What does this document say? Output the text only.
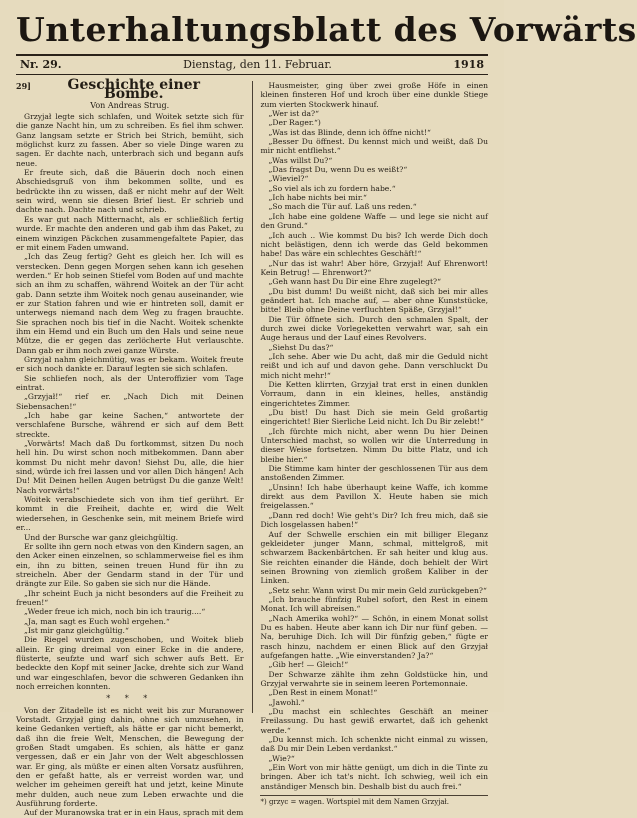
Unterhaltungsblatt des Vorwärts
Nr. 29.	Dienstag, den 11. Februar.	1918
29]	Geschichte einer Bombe.
Von Andreas Strug.

Grzyjał legte sich schlafen, und Woitek setzte sich für die ganze Nacht hin, um zu schreiben. Es fiel ihm schwer. Ganz langsam setzte er Strich bei Strich, bemüht, sich möglichst kurz zu fassen. Aber so viele Dinge waren zu sagen. Er dachte nach, unterbrach sich und begann aufs neue.

Er freute sich, daß die Bäuerin doch noch einen Abschiedsgruß von ihm bekommen sollte, und es bedrückte ihn zu wissen, daß er nicht mehr auf der Welt sein wird, wenn sie diesen Brief liest. Er schrieb und dachte nach. Dachte nach und schrieb.

Es war gut nach Mitternacht, als er schließlich fertig wurde. Er machte den anderen und gab ihm das Paket, zu einem winzigen Päckchen zusammengefaltete Papier, das er mit einem Faden umwand.

„Ich das Zeug fertig? Geht es gleich her. Ich will es verstecken. Denn gegen Morgen sehen kann ich gesehen werden.“ Er hob seinen Stiefel vom Boden auf und machte sich an ihm zu schaffen, während Woitek an der Tür acht gab. Dann setzte ihm Woitek noch genau auseinander, wie er zur Station fahren und wie er hintreten soll, damit er unterwegs niemand nach dem Weg zu fragen brauchte. Sie sprachen noch bis tief in die Nacht. Woitek schenkte ihm ein Hemd und ein Buch um den Hals und seine neue Mütze, die er gegen das zerlöcherte Hut verlauschte. Dann gab er ihm noch zwei ganze Würste.

Grzyjał nahm gleichmütig, was er bekam. Woitek freute er sich noch dankte er. Darauf legten sie sich schlafen.

Sie schliefen noch, als der Unteroffizier vom Tage eintrat.

„Grzyjał!“ rief er. „Nach Dich mit Deinen Siebensachen!“

„Ich habe gar keine Sachen,“ antwortete der verschlafene Bursche, während er sich auf dem Bett streckte.

„Vorwärts! Mach daß Du fortkommst, sitzen Du noch hell hin. Du wirst schon noch mitbekommen. Dann aber kommst Du nicht mehr davon! Siehst Du, alle, die hier sind, würde ich frei lassen und vor allen Dich hängen! Ach Du! Mit Deinen hellen Augen betrügst Du die ganze Welt! Nach vorwärts!“

Woitek verabschiedete sich von ihm tief gerührt. Er kommt in die Freiheit, dachte er, wird die Welt wiedersehen, in Geschenke sein, mit meinem Briefe wird er...

Und der Bursche war ganz gleichgültig.

Er sollte ihn gern noch etwas von den Kindern sagen, an den Acker einen einzelnen, so schlammerweise fiel es ihm ein, ihn zu bitten, seinen treuen Hund für ihn zu streicheln. Aber der Gendarm stand in der Tür und drängte zur Eile. So gaben sie sich nur die Hände.

„Ihr scheint Euch ja nicht besonders auf die Freiheit zu freuen!“

„Weder freue ich mich, noch bin ich traurig....“

„Ja, man sagt es Euch wohl ergehen.“

„Ist mir ganz gleichgültig.“

Die Riegel wurden zugeschoben, und Woitek blieb allein. Er ging dreimal von einer Ecke in die andere, flüsterte, seufzte und warf sich schwer aufs Bett. Er bedeckte den Kopf mit seiner Jacke, drehte sich zur Wand und war eingeschlafen, bevor die schweren Gedanken ihn noch erreichen konnten.

* * *

Von der Zitadelle ist es nicht weit bis zur Muranower Vorstadt. Grzyjał ging dahin, ohne sich umzusehen, in keine Gedanken vertieft, als hätte er gar nicht bemerkt, daß ihn die freie Welt, Menschen, die Bewegung der großen Stadt umgaben. Es schien, als hätte er ganz vergessen, daß er ein Jahr von der Welt abgeschlossen war. Er ging, als müßte er einen alten Vorsatz ausführen, den er gefaßt hatte, als er verreist worden war, und welcher im geheimen gereift hat und jetzt, keine Minute mehr dulden, auch neue zum Leben erwachte und die Ausführung forderte.

Auf der Muranowska trat er in ein Haus, sprach mit dem

Hausmeister, ging über zwei große Höfe in einen kleinen finsteren Hof und kroch über eine dunkle Stiege zum vierten Stockwerk hinauf.

„Wer ist da?“

„Der Rager.“)

„Was ist das Blinde, denn ich öffne nicht!“

„Besser Du öffnest. Du kennst mich und weißt, daß Du mir nicht entfliehst.“

„Was willst Du?“

„Das fragst Du, wenn Du es weißt?“

„Wieviel?“

„So viel als ich zu fordern habe.“

„Ich habe nichts bei mir.“

„So mach die Tür auf. Laß uns reden.“

„Ich habe eine goldene Waffe — und lege sie nicht auf den Grund.“

„Ich auch .. Wie kommst Du bis? Ich werde Dich doch nicht belästigen, denn ich werde das Geld bekommen habe! Das wäre ein schlechtes Geschäft!“

„Nur das ist wahr! Aber höre, Grzyjał! Auf Ehrenwort! Kein Betrug! — Ehrenwort?“

„Geh wann hast Du Dir eine Ehre zugelegt?“

„Du bist dumm! Du weißt nicht, daß sich bei mir alles geändert hat. Ich mache auf, — aber ohne Kunststücke, bitte! Bleib ohne Deine verfluchten Späße, Grzyjał!“

Die Tür öffnete sich. Durch den schmalen Spalt, der durch zwei dicke Vorlegeketten verwahrt war, sah ein Auge heraus und der Lauf eines Revolvers.

„Siehst Du das?“

„Ich sehe. Aber wie Du acht, daß mir die Geduld nicht reißt und ich auf und davon gehe. Dann verschluckt Du mich nicht mehr!“

Die Ketten klirrten, Grzyjał trat erst in einen dunklen Vorraum, dann in ein kleines, helles, anständig eingerichtetes Zimmer.

„Du bist! Du hast Dich sie mein Geld großartig eingerichtet! Bier Sierliche Leid nicht. Ich Du Bir zelebt!“

„Ich fürchte mich nicht, aber wenn Du hier Deinen Unterschied machst, so wollen wir die Unterredung in dieser Weise fortsetzen. Nimm Du bitte Platz, und ich bleibe hier.“

Die Stimme kam hinter der geschlossenen Tür aus dem anstoßenden Zimmer.

„Unsinn! Ich habe überhaupt keine Waffe, ich komme direkt aus dem Pavillon X. Heute haben sie mich freigelassen.“

„Dann red doch! Wie geht's Dir? Ich freu mich, daß sie Dich losgelassen haben!“

Auf der Schwelle erschien ein mit billiger Eleganz gekleideter junger Mann, schmal, mittelgroß, mit schwarzem Backenbärtchen. Er sah heiter und klug aus. Sie reichten einander die Hände, doch behielt der Wirt seinen Browning von ziemlich großem Kaliber in der Linken.

„Setz sehr. Wann wirst Du mir mein Geld zurückgeben?“

„Ich brauche fünfzig Rubel sofort, den Rest in einem Monat. Ich will abreisen.“

„Nach Amerika wohl?“ — Schön, in einem Monat sollst Du es haben. Heute aber kann ich Dir nur fünf geben. — Na, beruhige Dich. Ich will Dir fünfzig geben,“ fügte er rasch hinzu, nachdem er einen Blick auf den Grzyjał aufgefangen hatte. „Wie einverstanden? Ja?“

„Gib her! — Gleich!“

Der Schwarze zählte ihm zehn Goldstücke hin, und Grzyjał verwahrte sie in seinem leeren Portemonnaie.

„Den Rest in einem Monat!“

„Jawohl.“

„Du machst ein schlechtes Geschäft an meiner Freilassung. Du hast gewiß erwartet, daß ich gehenkt werde.“

„Du kennst mich. Ich schenkte nicht einmal zu wissen, daß Du mir Dein Leben verdankst.“

„Wie?“

„Ein Wort von mir hätte genügt, um dich in die Tinte zu bringen. Aber ich tat's nicht. Ich schwieg, weil ich ein anständiger Mensch bin. Deshalb bist du auch frei.“

*) grzyc = wagen. Wortspiel mit dem Namen Grzyjał.
